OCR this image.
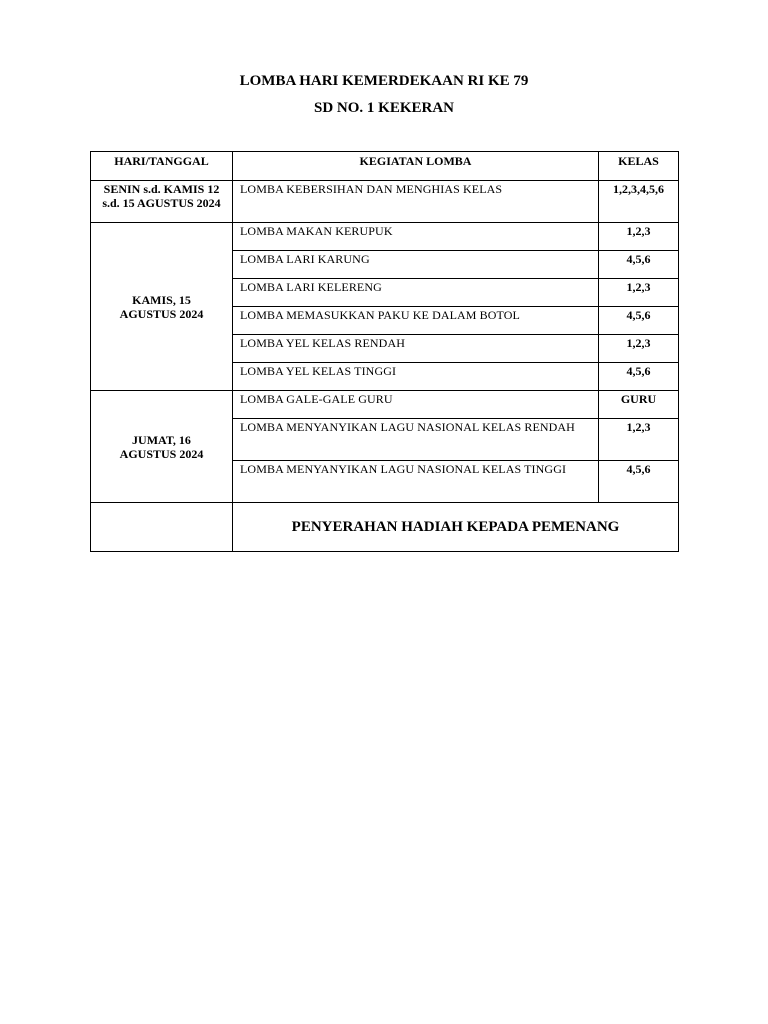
LOMBA HARI KEMERDEKAAN RI KE 79
SD NO. 1 KEKERAN
HARI/TANGGAL	KEGIATAN LOMBA	KELAS
SENIN s.d. KAMIS 12 s.d. 15 AGUSTUS 2024	LOMBA KEBERSIHAN DAN MENGHIAS KELAS	1,2,3,4,5,6
KAMIS, 15 AGUSTUS 2024	LOMBA MAKAN KERUPUK	1,2,3
	LOMBA LARI KARUNG	4,5,6
	LOMBA LARI KELERENG	1,2,3
	LOMBA MEMASUKKAN PAKU KE DALAM BOTOL	4,5,6
	LOMBA YEL KELAS RENDAH	1,2,3
	LOMBA YEL KELAS TINGGI	4,5,6
JUMAT, 16 AGUSTUS 2024	LOMBA GALE-GALE GURU	GURU
	LOMBA MENYANYIKAN LAGU NASIONAL KELAS RENDAH	1,2,3
	LOMBA MENYANYIKAN LAGU NASIONAL KELAS TINGGI	4,5,6
	PENYERAHAN HADIAH KEPADA PEMENANG	
